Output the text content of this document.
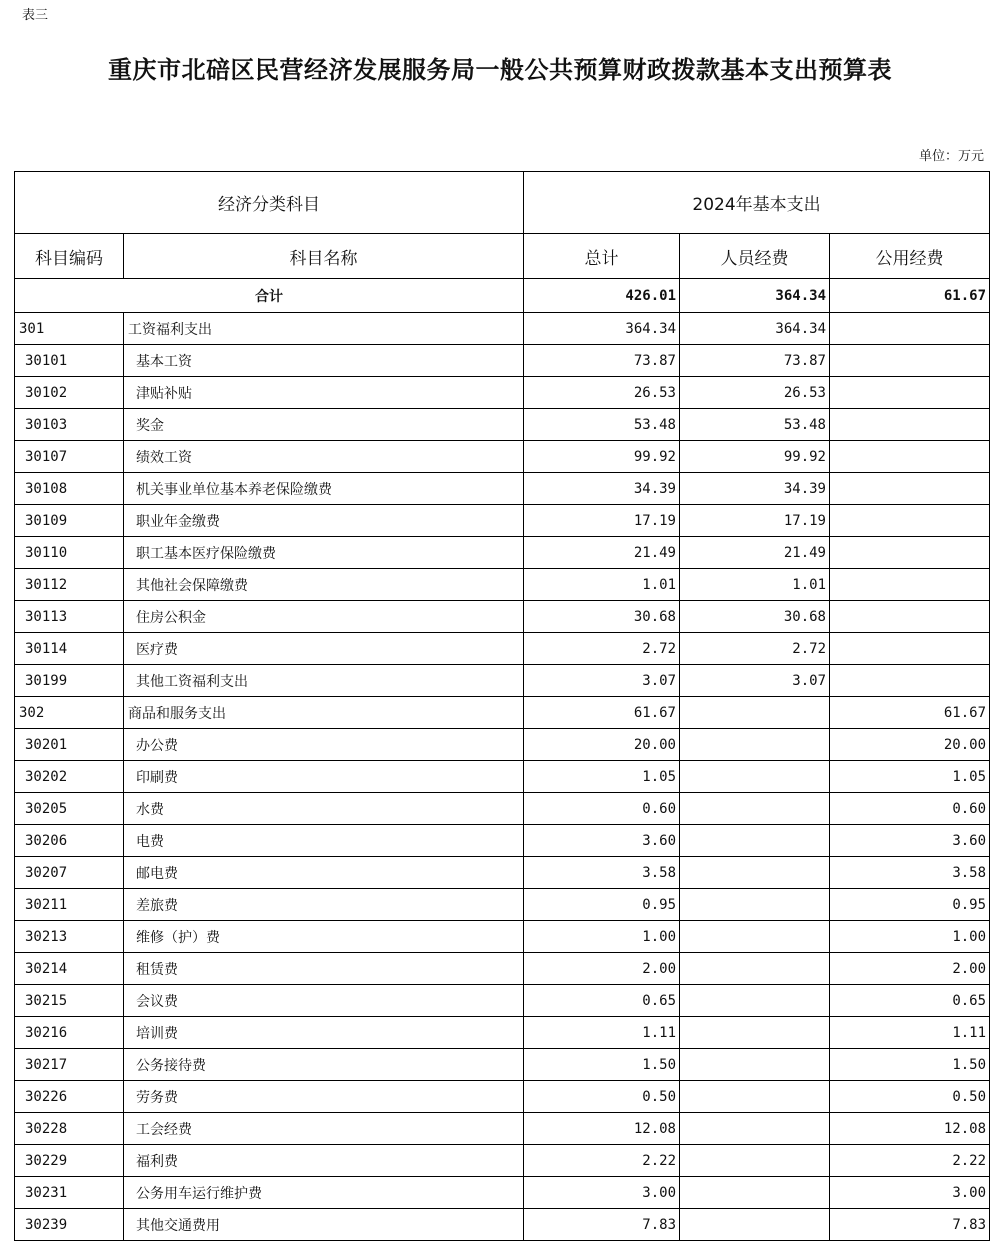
表三
重庆市北碚区民营经济发展服务局一般公共预算财政拨款基本支出预算表
单位：万元
经济分类科目		2024年基本支出		
科目编码	科目名称	总计	人员经费	公用经费
合计		426.01	364.34	61.67
301	工资福利支出	364.34	364.34	
30101	基本工资	73.87	73.87	
30102	津贴补贴	26.53	26.53	
30103	奖金	53.48	53.48	
30107	绩效工资	99.92	99.92	
30108	机关事业单位基本养老保险缴费	34.39	34.39	
30109	职业年金缴费	17.19	17.19	
30110	职工基本医疗保险缴费	21.49	21.49	
30112	其他社会保障缴费	1.01	1.01	
30113	住房公积金	30.68	30.68	
30114	医疗费	2.72	2.72	
30199	其他工资福利支出	3.07	3.07	
302	商品和服务支出	61.67		61.67
30201	办公费	20.00		20.00
30202	印刷费	1.05		1.05
30205	水费	0.60		0.60
30206	电费	3.60		3.60
30207	邮电费	3.58		3.58
30211	差旅费	0.95		0.95
30213	维修（护）费	1.00		1.00
30214	租赁费	2.00		2.00
30215	会议费	0.65		0.65
30216	培训费	1.11		1.11
30217	公务接待费	1.50		1.50
30226	劳务费	0.50		0.50
30228	工会经费	12.08		12.08
30229	福利费	2.22		2.22
30231	公务用车运行维护费	3.00		3.00
30239	其他交通费用	7.83		7.83
